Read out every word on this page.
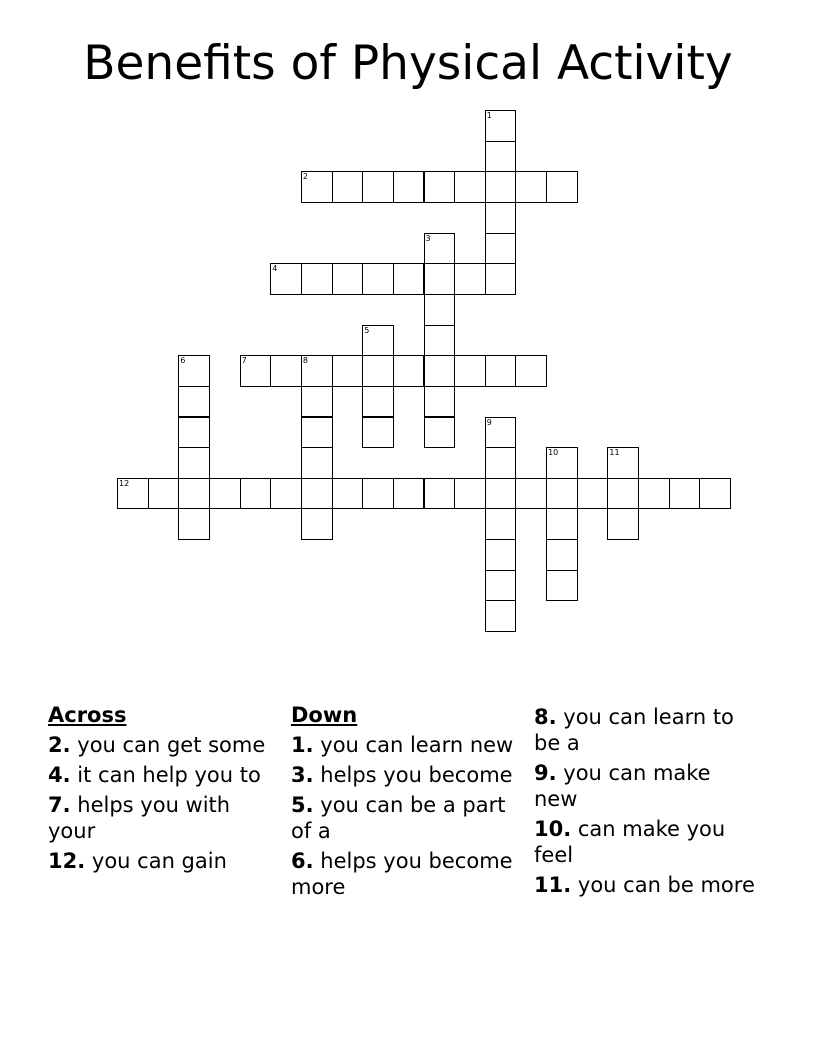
Benefits of Physical Activity
1
2
3
4
5
6	7	8
9
10	11
12
Across
2. you can get some
4. it can help you to
7. helps you with your
12. you can gain
Down
1. you can learn new
3. helps you become
5. you can be a part of a
6. helps you become more
8. you can learn to be a
9. you can make new
10. can make you feel
11. you can be more
